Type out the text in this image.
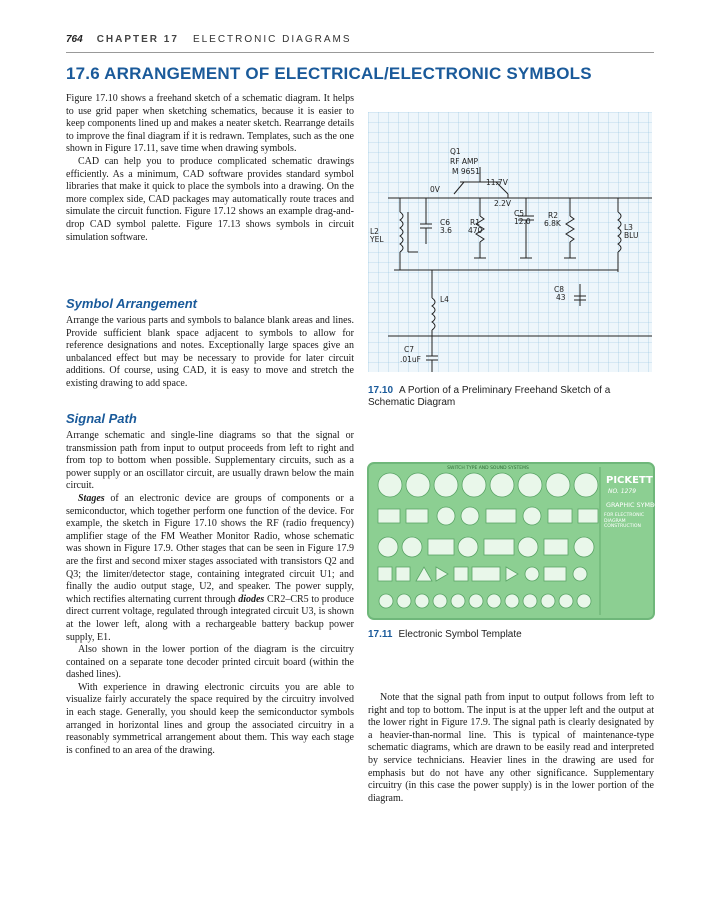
764 CHAPTER 17 ELECTRONIC DIAGRAMS
17.6 ARRANGEMENT OF ELECTRICAL/ELECTRONIC SYMBOLS

Figure 17.10 shows a freehand sketch of a schematic diagram. It helps to use grid paper when sketching schematics, because it is easier to keep components lined up and makes a neater sketch. Rearrange details to improve the final diagram if it is redrawn. Templates, such as the one shown in Figure 17.11, save time when drawing symbols.

CAD can help you to produce complicated schematic drawings efficiently. As a minimum, CAD software provides standard symbol libraries that make it quick to place the symbols into a drawing. On the more complex side, CAD packages may automatically route traces and simulate the circuit function. Figure 17.12 shows an example drag-and-drop CAD symbol palette. Figure 17.13 shows symbols in circuit simulation software.

Symbol Arrangement

Arrange the various parts and symbols to balance blank areas and lines. Provide sufficient blank space adjacent to symbols to allow for reference designations and notes. Exceptionally large spaces give an unbalanced effect but may be necessary to provide for later circuit additions. Of course, using CAD, it is easy to move and stretch the existing drawing to add space.

Signal Path

Arrange schematic and single-line diagrams so that the signal or transmission path from input to output proceeds from left to right and from top to bottom when possible. Supplementary circuits, such as a power supply or an oscillator circuit, are usually drawn below the main circuit.

Stages of an electronic device are groups of components or a semiconductor, which together perform one function of the device. For example, the sketch in Figure 17.10 shows the RF (radio frequency) amplifier stage of the FM Weather Monitor Radio, whose schematic was shown in Figure 17.9. Other stages that can be seen in Figure 17.9 are the first and second mixer stages associated with transistors Q2 and Q3; the limiter/detector stage, containing integrated circuit U1; and finally the audio output stage, U2, and speaker. The power supply, which rectifies alternating current through diodes CR2–CR5 to produce direct current voltage, regulated through integrated circuit U3, is shown at the lower left, along with a rechargeable battery backup power supply, E1.

Also shown in the lower portion of the diagram is the circuitry contained on a separate tone decoder printed circuit board (within the dashed lines).

With experience in drawing electronic circuits you are able to visualize fairly accurately the space required by the circuitry involved in each stage. Generally, you should keep the semiconductor symbols arranged in horizontal lines and group the associated circuitry in a reasonably symmetrical arrangement about them. This way each stage is confined to an area of the drawing.

Q1
RF AMP
M 9651
11.7V
0V
2.2V
C5
12.0
R2
6.8K
L2
YEL
C6
3.6
R1
470	L3
BLU
C8
43
L4
C7
.01uF
17.10 A Portion of a Preliminary Freehand Sketch of a Schematic Diagram
PICKETT
NO. 1279
GRAPHIC SYMBOLS
FOR ELECTRONIC DIAGRAM CONSTRUCTION
SWITCH TYPE AND SOUND SYSTEMS
17.11 Electronic Symbol Template

Note that the signal path from input to output follows from left to right and top to bottom. The input is at the upper left and the output at the lower right in Figure 17.9. The signal path is clearly designated by a heavier-than-normal line. This is typical of maintenance-type schematic diagrams, which are drawn to be easily read and interpreted by service technicians. Heavier lines in the drawing are used for emphasis but do not have any other significance. Supplementary circuitry (in this case the power supply) is in the lower portion of the diagram.
